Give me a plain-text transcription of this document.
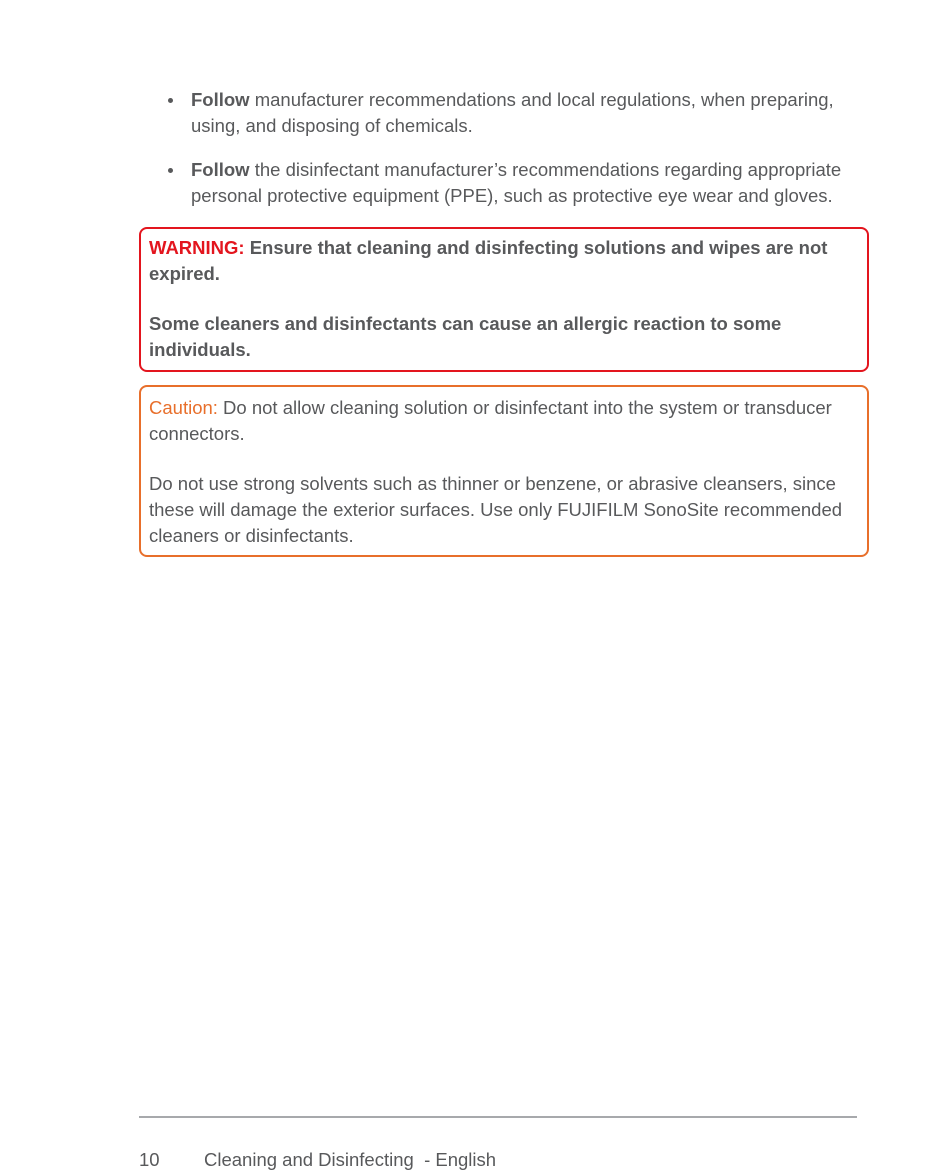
Follow manufacturer recommendations and local regulations, when preparing, using, and disposing of chemicals.
Follow the disinfectant manufacturer’s recommendations regarding appropriate personal protective equipment (PPE), such as protective eye wear and gloves.

WARNING: Ensure that cleaning and disinfecting solutions and wipes are not expired.

Some cleaners and disinfectants can cause an allergic reaction to some individuals.

Caution: Do not allow cleaning solution or disinfectant into the system or transducer connectors.

Do not use strong solvents such as thinner or benzene, or abrasive cleansers, since these will damage the exterior surfaces. Use only FUJIFILM SonoSite recommended cleaners or disinfectants.

10 Cleaning and Disinfecting  - English
